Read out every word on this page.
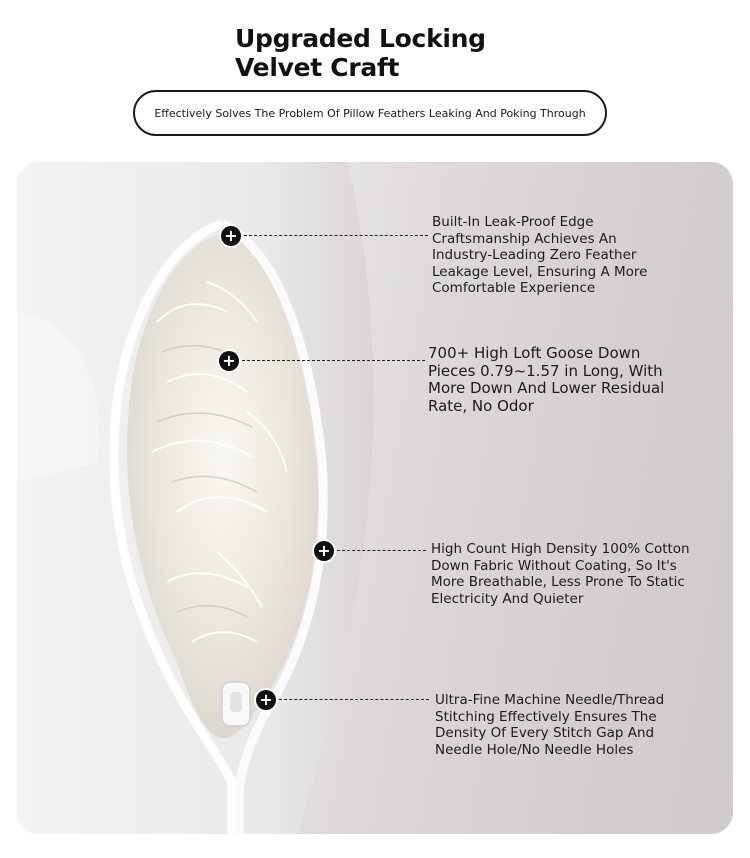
Upgraded Locking
Velvet Craft
Effectively Solves The Problem Of Pillow Feathers Leaking And Poking Through
+
Built-In Leak-Proof Edge
Craftsmanship Achieves An
Industry-Leading Zero Feather
Leakage Level, Ensuring A More
Comfortable Experience
+	700+ High Loft Goose Down
Pieces 0.79~1.57 in Long, With
More Down And Lower Residual
Rate, No Odor
+	High Count High Density 100% Cotton
Down Fabric Without Coating, So It's
More Breathable, Less Prone To Static
Electricity And Quieter
+	Ultra-Fine Machine Needle/Thread
Stitching Effectively Ensures The
Density Of Every Stitch Gap And
Needle Hole/No Needle Holes
